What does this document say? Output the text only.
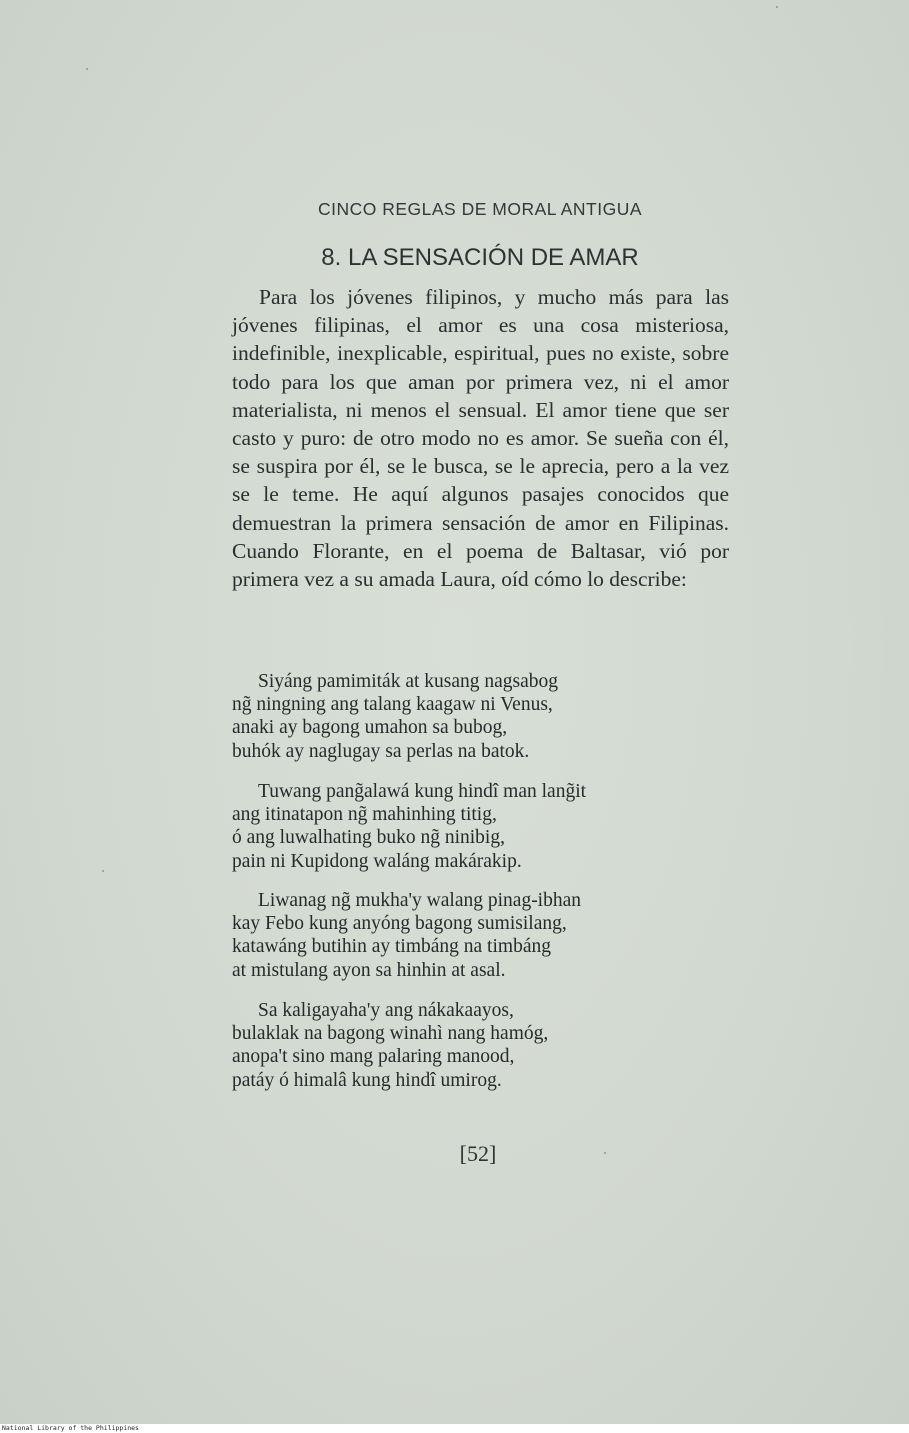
CINCO REGLAS DE MORAL ANTIGUA
8. LA SENSACIÓN DE AMAR

Para los jóvenes filipinos, y mucho más para las jóvenes filipinas, el amor es una cosa misteriosa, indefinible, inexplicable, espiritual, pues no existe, sobre todo para los que aman por primera vez, ni el amor materialista, ni menos el sensual. El amor tiene que ser casto y puro: de otro modo no es amor. Se sueña con él, se suspira por él, se le busca, se le aprecia, pero a la vez se le teme. He aquí algunos pasajes conocidos que demuestran la primera sensación de amor en Filipinas. Cuando Florante, en el poema de Baltasar, vió por primera vez a su amada Laura, oíd cómo lo describe:

Siyáng pamimiták at kusang nagsabog
ng̃ ningning ang talang kaagaw ni Venus,
anaki ay bagong umahon sa bubog,
buhók ay naglugay sa perlas na batok.
Tuwang pang̃alawá kung hindî man lang̃it
ang itinatapon ng̃ mahinhing titig,
ó ang luwalhating buko ng̃ ninibig,
pain ni Kupidong waláng makárakip.
Liwanag ng̃ mukha'y walang pinag-ibhan
kay Febo kung anyóng bagong sumisilang,
katawáng butihin ay timbáng na timbáng
at mistulang ayon sa hinhin at asal.
Sa kaligayaha'y ang nákakaayos,
bulaklak na bagong winahì nang hamóg,
anopa't sino mang palaring manood,
patáy ó himalâ kung hindî umirog.
[52]
National Library of the Philippines
